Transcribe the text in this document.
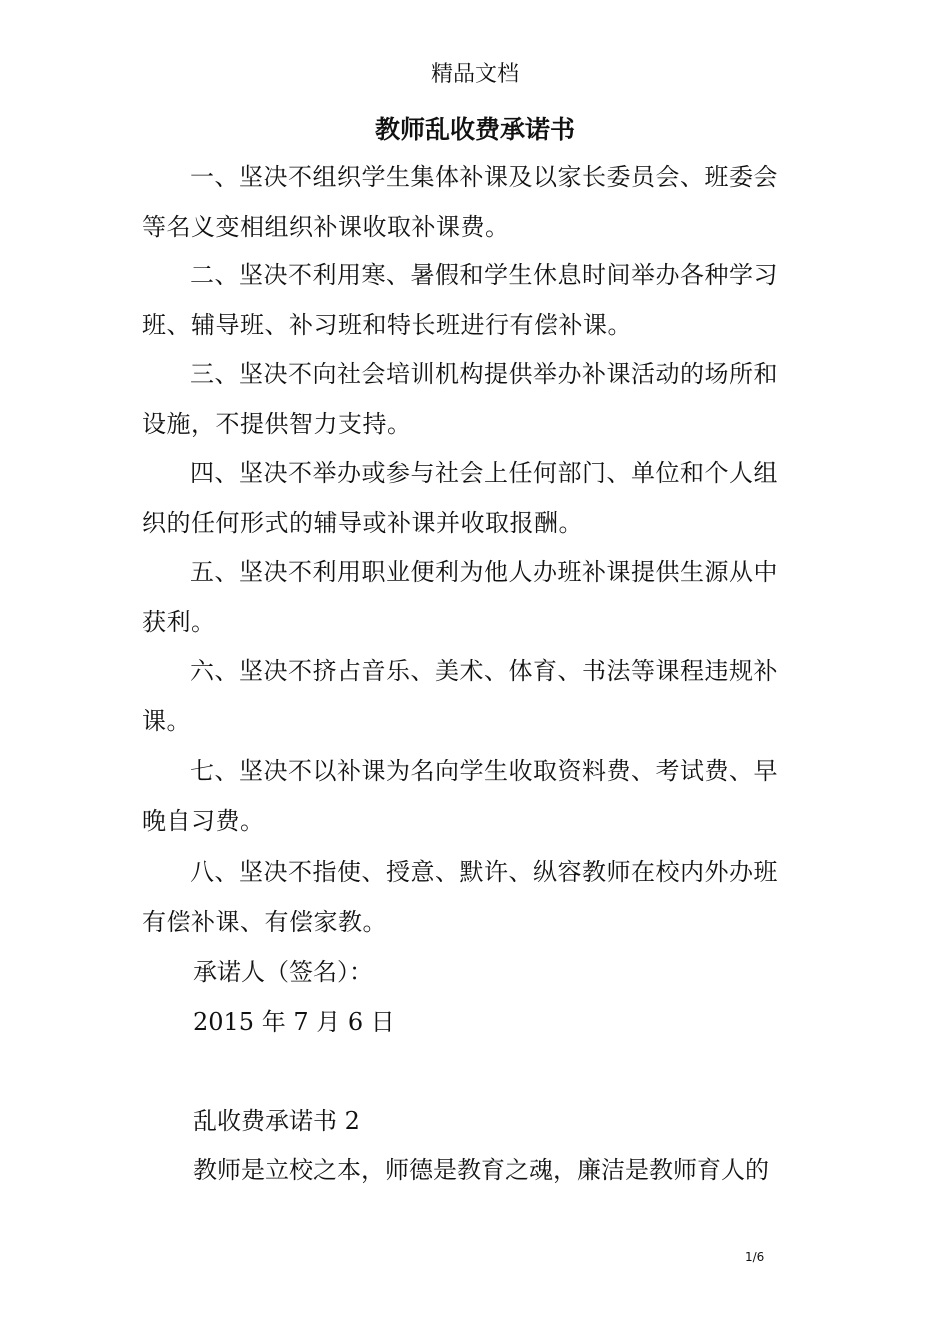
精品文档
教师乱收费承诺书

一、坚决不组织学生集体补课及以家长委员会、班委会等名义变相组织补课收取补课费。

二、坚决不利用寒、暑假和学生休息时间举办各种学习班、辅导班、补习班和特长班进行有偿补课。

三、坚决不向社会培训机构提供举办补课活动的场所和设施，不提供智力支持。

四、坚决不举办或参与社会上任何部门、单位和个人组织的任何形式的辅导或补课并收取报酬。

五、坚决不利用职业便利为他人办班补课提供生源从中获利。

六、坚决不挤占音乐、美术、体育、书法等课程违规补课。

七、坚决不以补课为名向学生收取资料费、考试费、早晚自习费。

八、坚决不指使、授意、默许、纵容教师在校内外办班有偿补课、有偿家教。

承诺人（签名）：
2015 年 7 月 6 日
乱收费承诺书 2
教师是立校之本，师德是教育之魂，廉洁是教师育人的
1/6
